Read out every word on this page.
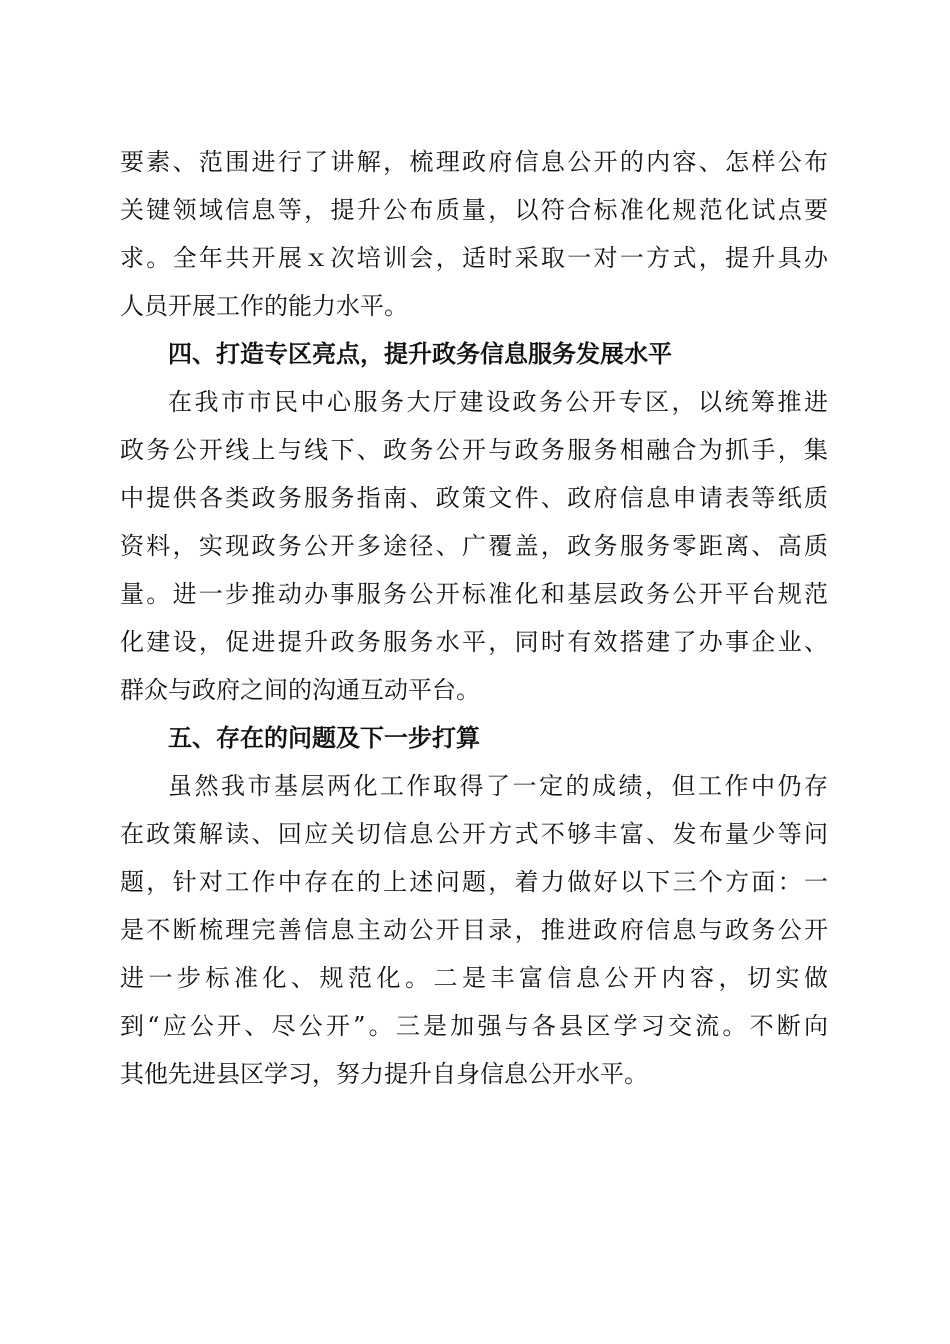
要素、范围进行了讲解，梳理政府信息公开的内容、怎样公布
关键领域信息等，提升公布质量，以符合标准化规范化试点要
求。全年共开展ｘ次培训会，适时采取一对一方式，提升具办
人员开展工作的能力水平。
四、打造专区亮点，提升政务信息服务发展水平
在我市市民中心服务大厅建设政务公开专区，以统筹推进
政务公开线上与线下、政务公开与政务服务相融合为抓手，集
中提供各类政务服务指南、政策文件、政府信息申请表等纸质
资料，实现政务公开多途径、广覆盖，政务服务零距离、高质
量。进一步推动办事服务公开标准化和基层政务公开平台规范
化建设，促进提升政务服务水平，同时有效搭建了办事企业、
群众与政府之间的沟通互动平台。
五、存在的问题及下一步打算
虽然我市基层两化工作取得了一定的成绩，但工作中仍存
在政策解读、回应关切信息公开方式不够丰富、发布量少等问
题，针对工作中存在的上述问题，着力做好以下三个方面：一
是不断梳理完善信息主动公开目录，推进政府信息与政务公开
进一步标准化、规范化。二是丰富信息公开内容，切实做
到“应公开、尽公开”。三是加强与各县区学习交流。不断向
其他先进县区学习，努力提升自身信息公开水平。
